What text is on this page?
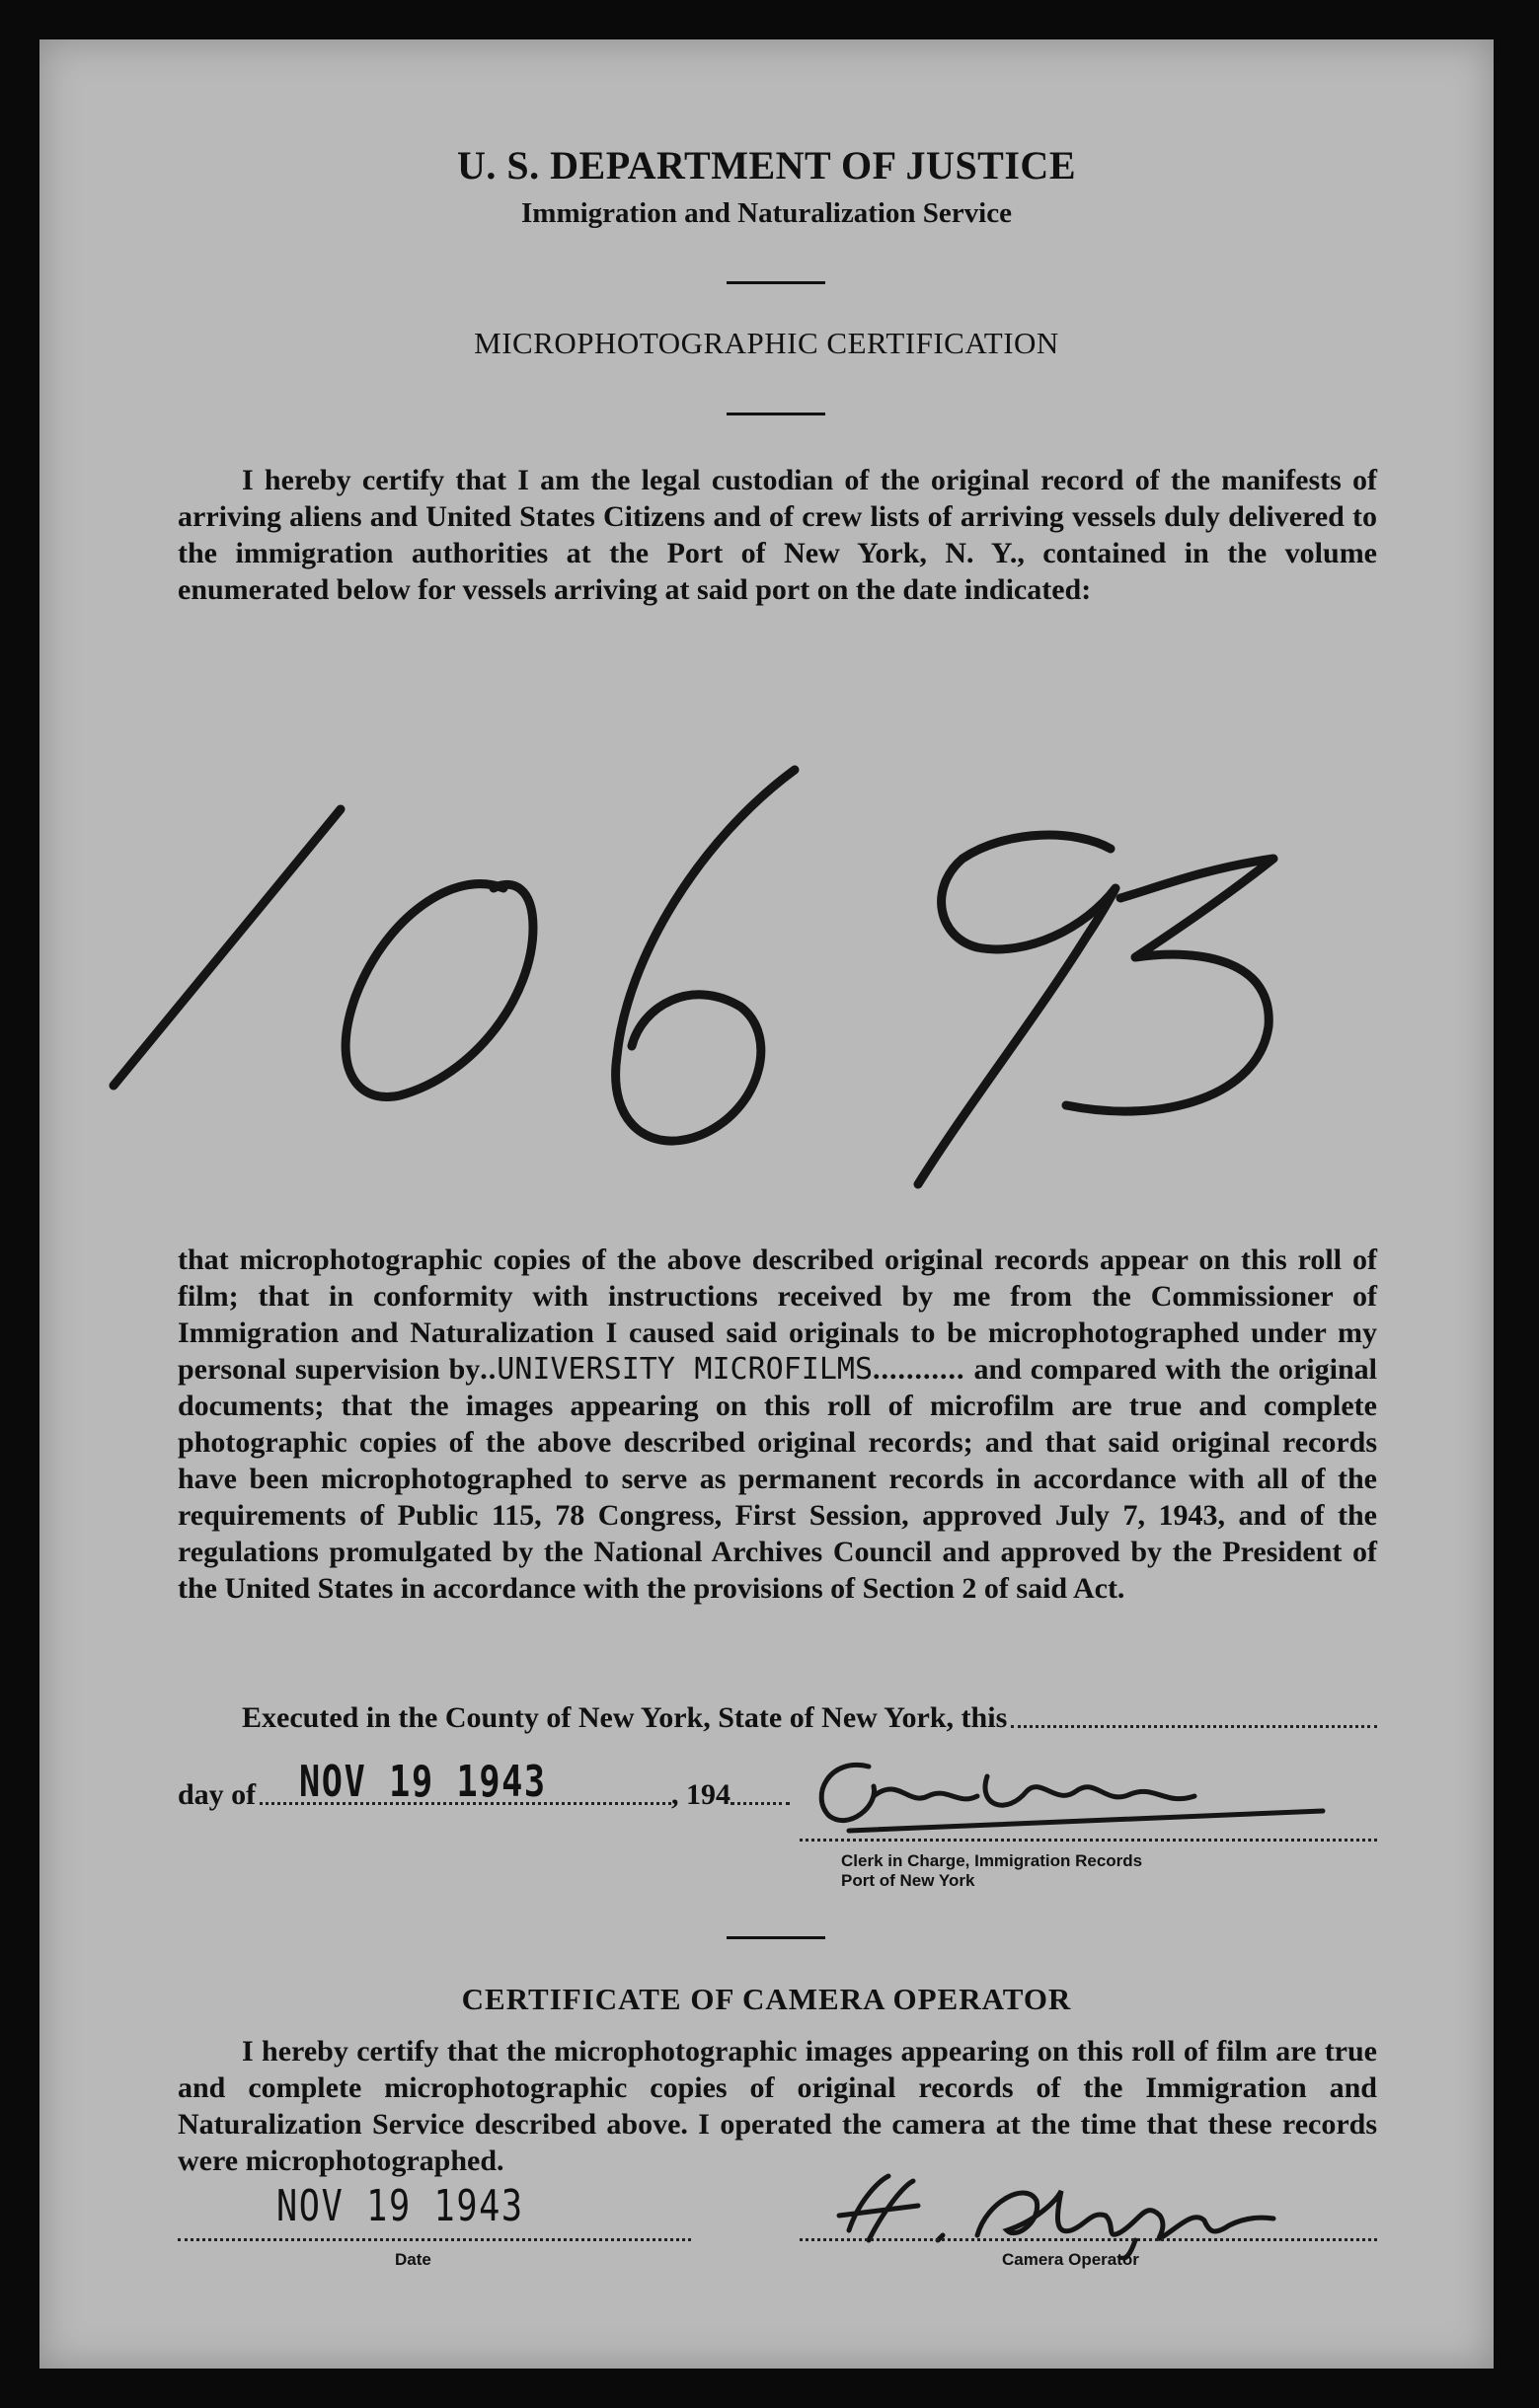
U. S. DEPARTMENT OF JUSTICE
Immigration and Naturalization Service
MICROPHOTOGRAPHIC CERTIFICATION
I hereby certify that I am the legal custodian of the original record of the manifests of arriving aliens and United States Citizens and of crew lists of arriving vessels duly delivered to the immigration authorities at the Port of New York, N. Y., contained in the volume enumerated below for vessels arriving at said port on the date indicated:

that microphotographic copies of the above described original records appear on this roll of film; that in conformity with instructions received by me from the Commissioner of Immigration and Naturalization I caused said originals to be microphotographed under my personal supervision by..UNIVERSITY MICROFILMS........... and compared with the original documents; that the images appearing on this roll of microfilm are true and complete photographic copies of the above described original records; and that said original records have been microphotographed to serve as permanent records in accordance with all of the requirements of Public 115, 78 Congress, First Session, approved July 7, 1943, and of the regulations promulgated by the National Archives Council and approved by the President of the United States in accordance with the provisions of Section 2 of said Act.

Executed in the County of New York, State of New York, this
day of NOV 19 1943	, 194
Clerk in Charge, Immigration Records
Port of New York
CERTIFICATE OF CAMERA OPERATOR
I hereby certify that the microphotographic images appearing on this roll of film are true and complete microphotographic copies of original records of the Immigration and Naturalization Service described above. I operated the camera at the time that these records were microphotographed.
NOV 19 1943
Date	Camera Operator
